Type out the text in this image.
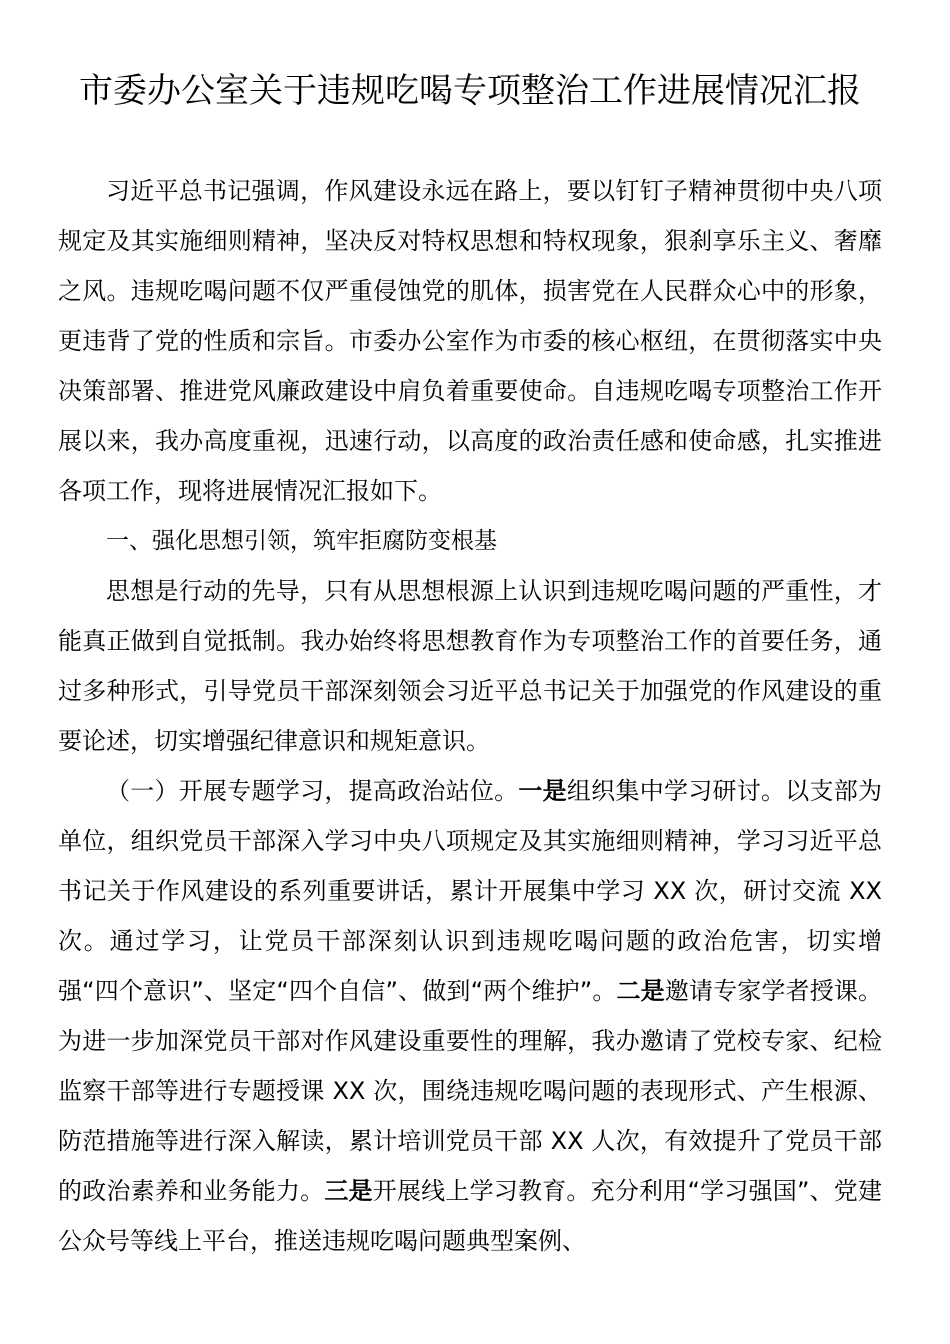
市委办公室关于违规吃喝专项整治工作进展情况汇报

习近平总书记强调，作风建设永远在路上，要以钉钉子精神贯彻中央八项规定及其实施细则精神，坚决反对特权思想和特权现象，狠刹享乐主义、奢靡之风。违规吃喝问题不仅严重侵蚀党的肌体，损害党在人民群众心中的形象，更违背了党的性质和宗旨。市委办公室作为市委的核心枢纽，在贯彻落实中央决策部署、推进党风廉政建设中肩负着重要使命。自违规吃喝专项整治工作开展以来，我办高度重视，迅速行动，以高度的政治责任感和使命感，扎实推进各项工作，现将进展情况汇报如下。

一、强化思想引领，筑牢拒腐防变根基

思想是行动的先导，只有从思想根源上认识到违规吃喝问题的严重性，才能真正做到自觉抵制。我办始终将思想教育作为专项整治工作的首要任务，通过多种形式，引导党员干部深刻领会习近平总书记关于加强党的作风建设的重要论述，切实增强纪律意识和规矩意识。

（一）开展专题学习，提高政治站位。一是组织集中学习研讨。以支部为单位，组织党员干部深入学习中央八项规定及其实施细则精神，学习习近平总书记关于作风建设的系列重要讲话，累计开展集中学习 XX 次，研讨交流 XX 次。通过学习，让党员干部深刻认识到违规吃喝问题的政治危害，切实增强“四个意识”、坚定“四个自信”、做到“两个维护”。二是邀请专家学者授课。为进一步加深党员干部对作风建设重要性的理解，我办邀请了党校专家、纪检监察干部等进行专题授课 XX 次，围绕违规吃喝问题的表现形式、产生根源、防范措施等进行深入解读，累计培训党员干部 XX 人次，有效提升了党员干部的政治素养和业务能力。三是开展线上学习教育。充分利用“学习强国”、党建公众号等线上平台，推送违规吃喝问题典型案例、
